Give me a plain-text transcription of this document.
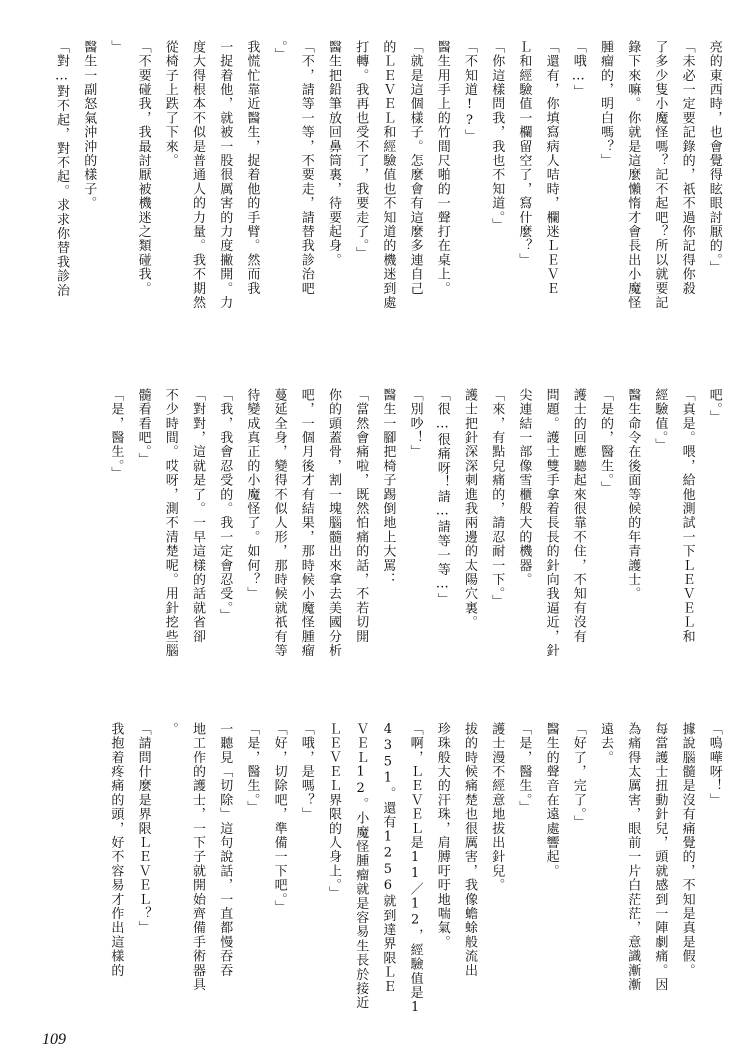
亮的東西時，也會覺得眩眼討厭的。」
「未必一定要記錄的，祇不過你記得你殺
了多少隻小魔怪嗎？記不起吧？所以就要記
錄下來嘛。你就是這麼懶惰才會長出小魔怪
腫瘤的，明白嗎？」
「哦…」
「還有，你填寫病人咭時，欄迷ＬＥＶＥ
Ｌ和經驗值一欄留空了，寫什麼？」
「你這樣問我，我也不知道。」
「不知道!?」
醫生用手上的竹間尺啪的一聲打在桌上。
「就是這個樣子。怎麼會有這麼多連自己
的ＬＥＶＥＬ和經驗值也不知道的機迷到處
打轉。我再也受不了，我要走了。」
醫生把鉛筆放回鼻筒裏，待要起身。
「不，請等一等，不要走，請替我診治吧
。」
我慌忙靠近醫生，捉着他的手臂。然而我
一捉着他，就被一股很厲害的力度撇開。力
度大得根本不似是普通人的力量。我不期然
從椅子上跌了下來。
「不要碰我，我最討厭被機迷之類碰我。
」
醫生一副怒氣沖沖的樣子。
「對…對不起，對不起。求求你替我診治
吧。」
「真是。喂，給他測試一下ＬＥＶＥＬ和
經驗值。」
醫生命令在後面等候的年青護士。
「是的，醫生。」
護士的回應聽起來很靠不住，不知有沒有
問題。護士雙手拿着長長的針向我逼近，針
尖連結一部像雪櫃般大的機器。
「來，有點兒痛的，請忍耐一下。」
護士把針深深刺進我兩邊的太陽穴裏。
「很…很痛呀！請…請等一等…」
「別吵！」
醫生一腳把椅子踢倒地上大罵：
「當然會痛啦，既然怕痛的話，不若切開
你的頭蓋骨，割一塊腦髓出來拿去美國分析
吧，一個月後才有結果，那時候小魔怪腫瘤
蔓延全身，變得不似人形，那時候就祇有等
待變成真正的小魔怪了。如何？」
「我，我會忍受的。我一定會忍受。」
「對對，這就是了。一早這樣的話就省卻
不少時間。哎呀，測不清楚呢。用針挖些腦
髓看看吧。」
「是，醫生。」
「嗚嘩呀！」
據說腦髓是沒有痛覺的，不知是真是假。
每當護士扭動針兒，頭就感到一陣劇痛。因
為痛得太厲害，眼前一片白茫茫，意識漸漸
遠去。
「好了，完了。」
醫生的聲音在遠處響起。
「是，醫生。」
護士漫不經意地拔出針兒。
拔的時候痛楚也很厲害，我像蟾蜍般流出
珍珠般大的汗珠，肩膊吁吁地喘氣。
「啊，ＬＥＶＥＬ是11／12，經驗值是1
4351。還有1256就到達界限ＬＥ
ＶＥＬ12。小魔怪腫瘤就是容易生長於接近
ＬＥＶＥＬ界限的人身上。」
「哦，是嗎？」
「好，切除吧，準備一下吧。」
「是，醫生。」
一聽見「切除」這句說話，一直都慢吞吞
地工作的護士，一下子就開始齊備手術器具
。
「請問什麼是界限ＬＥＶＥＬ？」
我抱着疼痛的頭，好不容易才作出這樣的
109
